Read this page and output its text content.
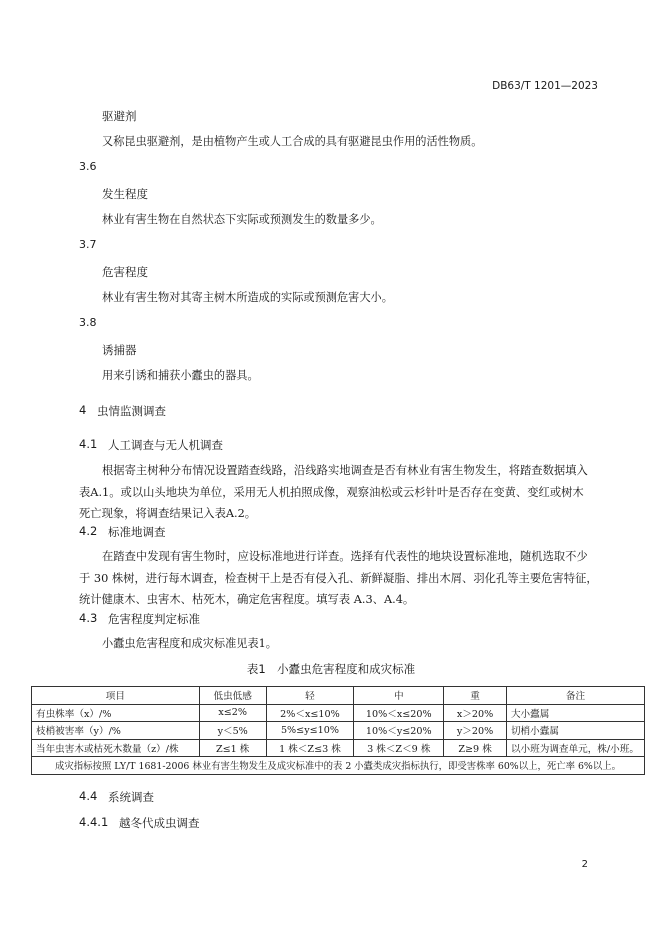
DB63/T 1201—2023
驱避剂
又称昆虫驱避剂，是由植物产生或人工合成的具有驱避昆虫作用的活性物质。
3.6
发生程度
林业有害生物在自然状态下实际或预测发生的数量多少。
3.7
危害程度
林业有害生物对其寄主树木所造成的实际或预测危害大小。
3.8
诱捕器
用来引诱和捕获小蠹虫的器具。
4 虫情监测调查
4.1 人工调查与无人机调查
根据寄主树种分布情况设置踏查线路，沿线路实地调查是否有林业有害生物发生，将踏查数据填入
表A.1。或以山头地块为单位，采用无人机拍照成像，观察油松或云杉针叶是否存在变黄、变红或树木
死亡现象，将调查结果记入表A.2。
4.2 标准地调查
在踏查中发现有害生物时，应设标准地进行详查。选择有代表性的地块设置标准地，随机选取不少
于 30 株树，进行每木调查，检查树干上是否有侵入孔、新鲜凝脂、排出木屑、羽化孔等主要危害特征，
统计健康木、虫害木、枯死木，确定危害程度。填写表 A.3、A.4。
4.3 危害程度判定标准
小蠹虫危害程度和成灾标准见表1。
表1　小蠹虫危害程度和成灾标准
项目	低虫低感	轻	中	重	备注
有虫株率（x）/%	x≤2%	2%＜x≤10%	10%＜x≤20%	x＞20%	大小蠹属
枝梢被害率（y）/%	y＜5%	5%≤y≤10%	10%＜y≤20%	y＞20%	切梢小蠹属
当年虫害木或枯死木数量（z）/株	Z≤1 株	1 株＜Z≤3 株	3 株＜Z＜9 株	Z≥9 株	以小班为调查单元，株/小班。
成灾指标按照 LY/T 1681-2006 林业有害生物发生及成灾标准中的表 2 小蠹类成灾指标执行，即受害株率 60%以上，死亡率 6%以上。					
4.4 系统调查
4.4.1 越冬代成虫调查
2
